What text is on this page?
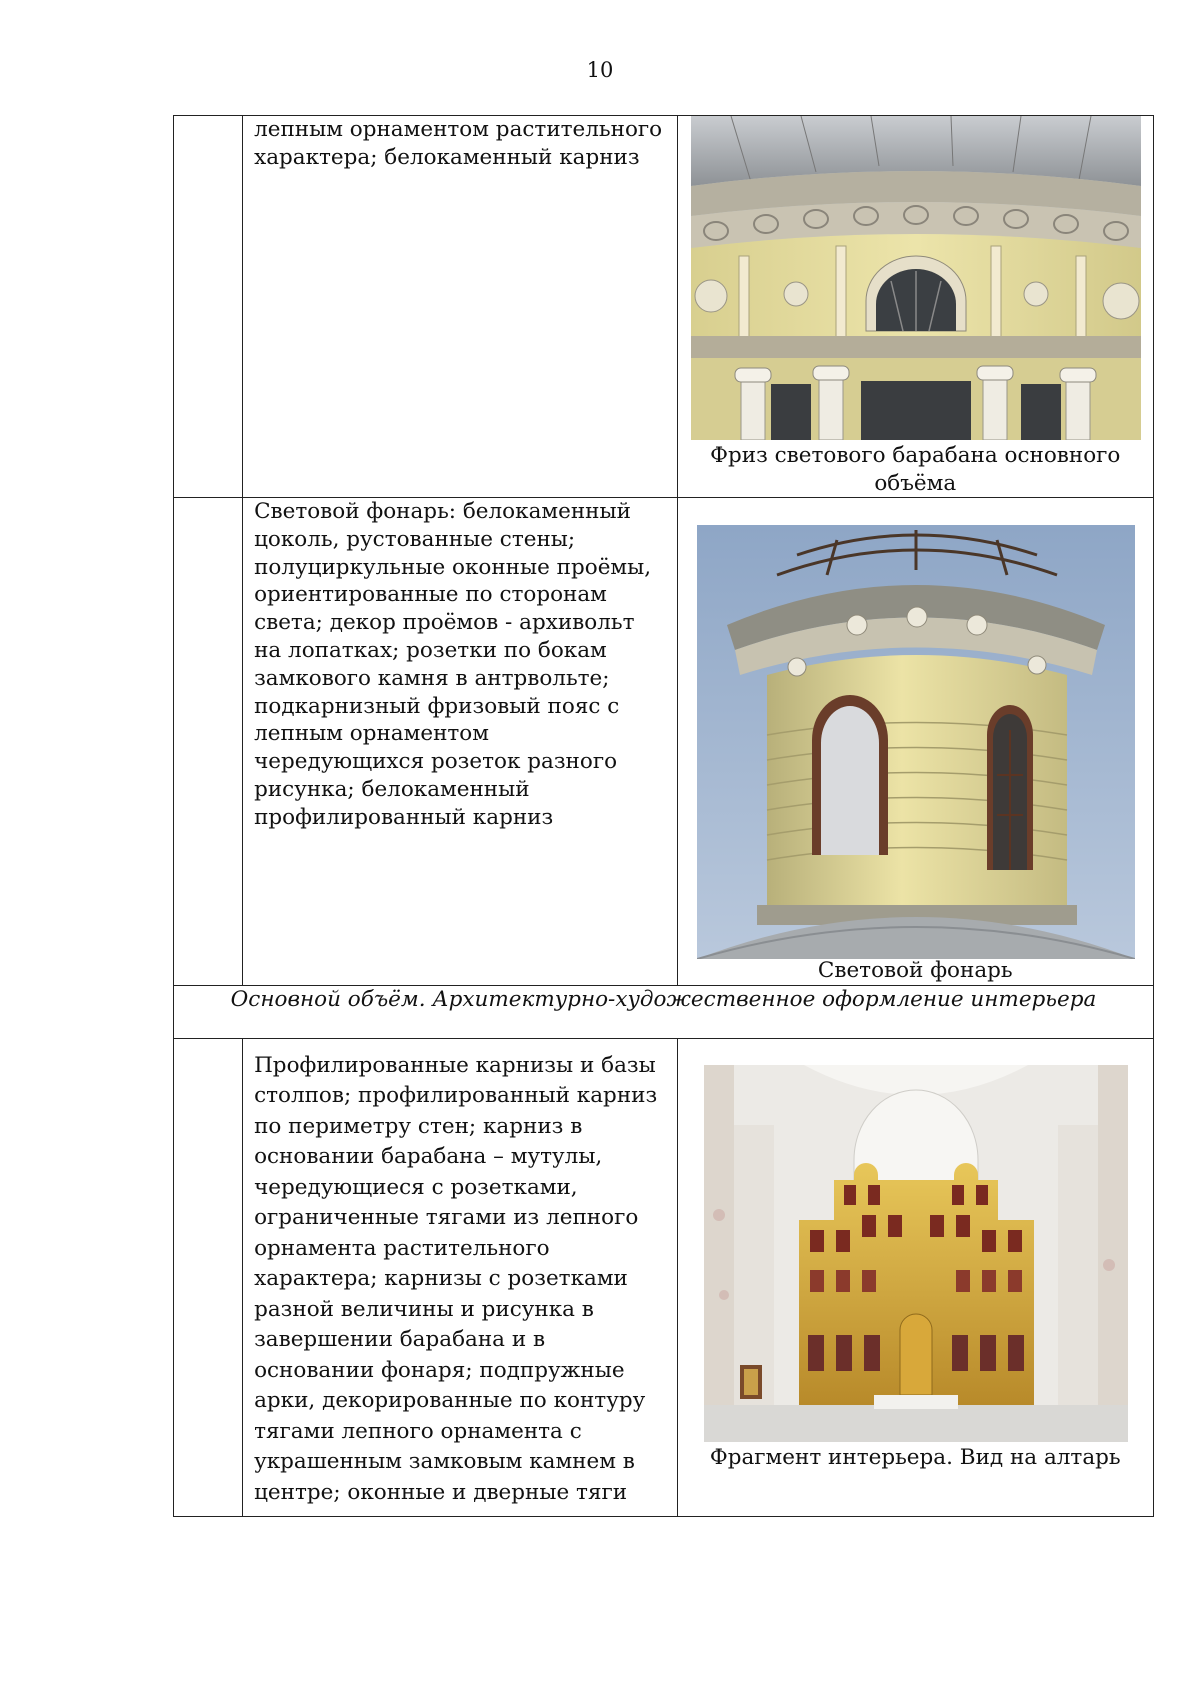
10

	лепным орнаментом растительного характера; белокаменный карниз	Фриз светового барабана основного объёма

	Световой фонарь: белокаменный цоколь, рустованные стены; полуциркульные оконные проёмы, ориентированные по сторонам света; декор проёмов - архивольт на лопатках; розетки по бокам замкового камня в антрвольте; подкарнизный фризовый пояс с лепным орнаментом чередующихся розеток разного рисунка; белокаменный профилированный карниз	Световой фонарь

Основной объём. Архитектурно-художественное оформление интерьера		

	Профилированные карнизы и базы столпов; профилированный карниз по периметру стен; карниз в основании барабана – мутулы, чередующиеся с розетками, ограниченные тягами из лепного орнамента растительного характера; карнизы с розетками разной величины и рисунка в завершении барабана и в основании фонаря; подпружные арки, декорированные по контуру тягами лепного орнамента с украшенным замковым камнем в центре; оконные и дверные тяги	Фрагмент интерьера. Вид на алтарь
